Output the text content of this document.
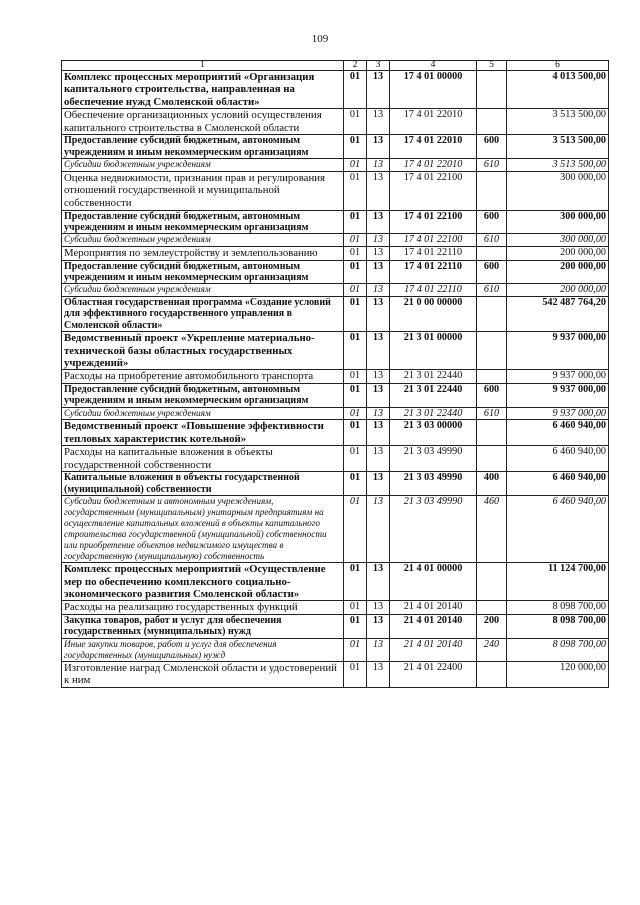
109
1	2	3	4	5	6
Комплекс процессных мероприятий «Организация капитального строительства, направленная на обеспечение нужд Смоленской области»	01	13	17 4 01 00000		4 013 500,00
Обеспечение организационных условий осуществления капитального строительства в Смоленской области	01	13	17 4 01 22010		3 513 500,00
Предоставление субсидий бюджетным, автономным учреждениям и иным некоммерческим организациям	01	13	17 4 01 22010	600	3 513 500,00
Субсидии бюджетным учреждениям	01	13	17 4 01 22010	610	3 513 500,00
Оценка недвижимости, признания прав и регулирования отношений государственной и муниципальной собственности	01	13	17 4 01 22100		300 000,00
Предоставление субсидий бюджетным, автономным учреждениям и иным некоммерческим организациям	01	13	17 4 01 22100	600	300 000,00
Субсидии бюджетным учреждениям	01	13	17 4 01 22100	610	300 000,00
Мероприятия по землеустройству и землепользованию	01	13	17 4 01 22110		200 000,00
Предоставление субсидий бюджетным, автономным учреждениям и иным некоммерческим организациям	01	13	17 4 01 22110	600	200 000,00
Субсидии бюджетным учреждениям	01	13	17 4 01 22110	610	200 000,00
Областная государственная программа «Создание условий для эффективного государственного управления в Смоленской области»	01	13	21 0 00 00000		542 487 764,20
Ведомственный проект «Укрепление материально-технической базы областных государственных учреждений»	01	13	21 3 01 00000		9 937 000,00
Расходы на приобретение автомобильного транспорта	01	13	21 3 01 22440		9 937 000,00
Предоставление субсидий бюджетным, автономным учреждениям и иным некоммерческим организациям	01	13	21 3 01 22440	600	9 937 000,00
Субсидии бюджетным учреждениям	01	13	21 3 01 22440	610	9 937 000,00
Ведомственный проект «Повышение эффективности тепловых характеристик котельной»	01	13	21 3 03 00000		6 460 940,00
Расходы на капитальные вложения в объекты государственной собственности	01	13	21 3 03 49990		6 460 940,00
Капитальные вложения в объекты государственной (муниципальной) собственности	01	13	21 3 03 49990	400	6 460 940,00
Субсидии бюджетным и автономным учреждениям, государственным (муниципальным) унитарным предприятиям на осуществление капитальных вложений в объекты капитального строительства государственной (муниципальной) собственности или приобретение объектов недвижимого имущества в государственную (муниципальную) собственность	01	13	21 3 03 49990	460	6 460 940,00
Комплекс процессных мероприятий «Осуществление мер по обеспечению комплексного социально-экономического развития Смоленской области»	01	13	21 4 01 00000		11 124 700,00
Расходы на реализацию государственных функций	01	13	21 4 01 20140		8 098 700,00
Закупка товаров, работ и услуг для обеспечения государственных (муниципальных) нужд	01	13	21 4 01 20140	200	8 098 700,00
Иные закупки товаров, работ и услуг для обеспечения государственных (муниципальных) нужд	01	13	21 4 01 20140	240	8 098 700,00
Изготовление наград Смоленской области и удостоверений к ним	01	13	21 4 01 22400		120 000,00
